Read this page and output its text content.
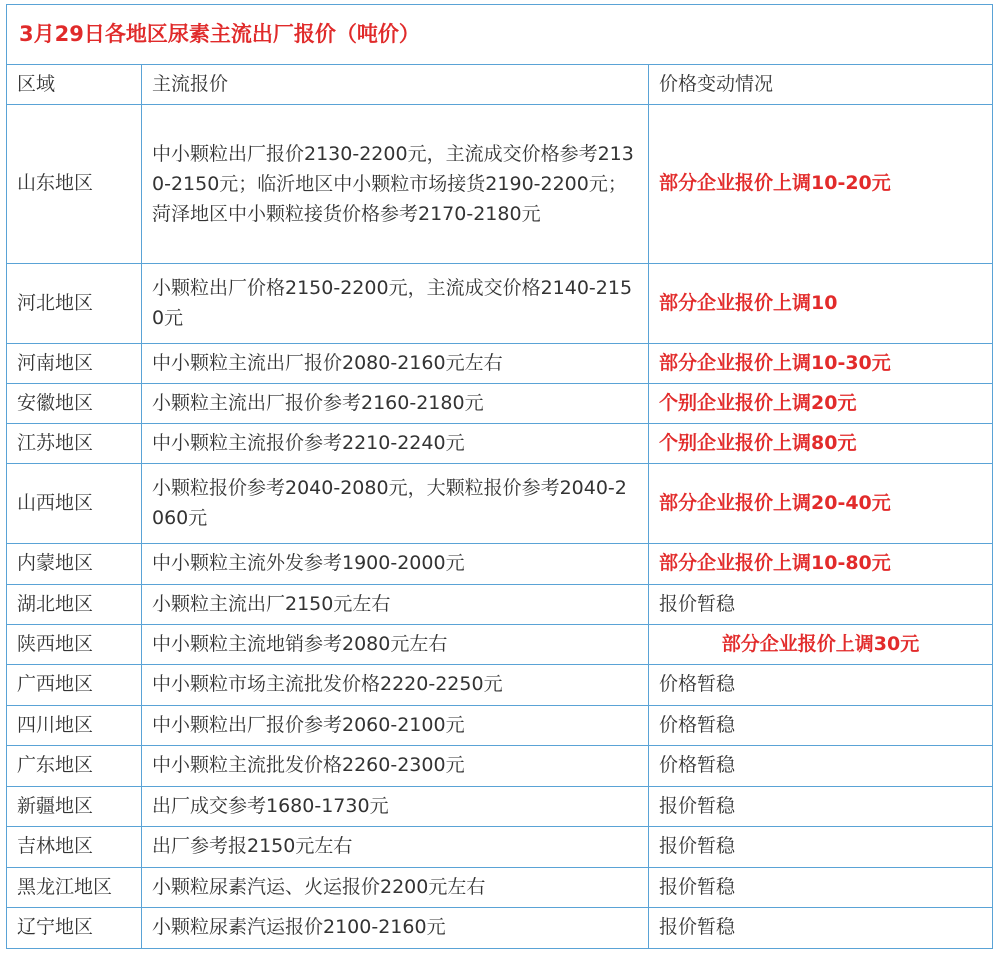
3月29日各地区尿素主流出厂报价（吨价）		
区域	主流报价	价格变动情况
山东地区	中小颗粒出厂报价2130-2200元，主流成交价格参考2130-2150元；临沂地区中小颗粒市场接货2190-2200元；菏泽地区中小颗粒接货价格参考2170-2180元	部分企业报价上调10-20元
河北地区	小颗粒出厂价格2150-2200元，主流成交价格2140-2150元	部分企业报价上调10
河南地区	中小颗粒主流出厂报价2080-2160元左右	部分企业报价上调10-30元
安徽地区	小颗粒主流出厂报价参考2160-2180元	个别企业报价上调20元
江苏地区	中小颗粒主流报价参考2210-2240元	个别企业报价上调80元
山西地区	小颗粒报价参考2040-2080元，大颗粒报价参考2040-2060元	部分企业报价上调20-40元
内蒙地区	中小颗粒主流外发参考1900-2000元	部分企业报价上调10-80元
湖北地区	小颗粒主流出厂2150元左右	报价暂稳
陕西地区	中小颗粒主流地销参考2080元左右	部分企业报价上调30元
广西地区	中小颗粒市场主流批发价格2220-2250元	价格暂稳
四川地区	中小颗粒出厂报价参考2060-2100元	价格暂稳
广东地区	中小颗粒主流批发价格2260-2300元	价格暂稳
新疆地区	出厂成交参考1680-1730元	报价暂稳
吉林地区	出厂参考报2150元左右	报价暂稳
黑龙江地区	小颗粒尿素汽运、火运报价2200元左右	报价暂稳
辽宁地区	小颗粒尿素汽运报价2100-2160元	报价暂稳
